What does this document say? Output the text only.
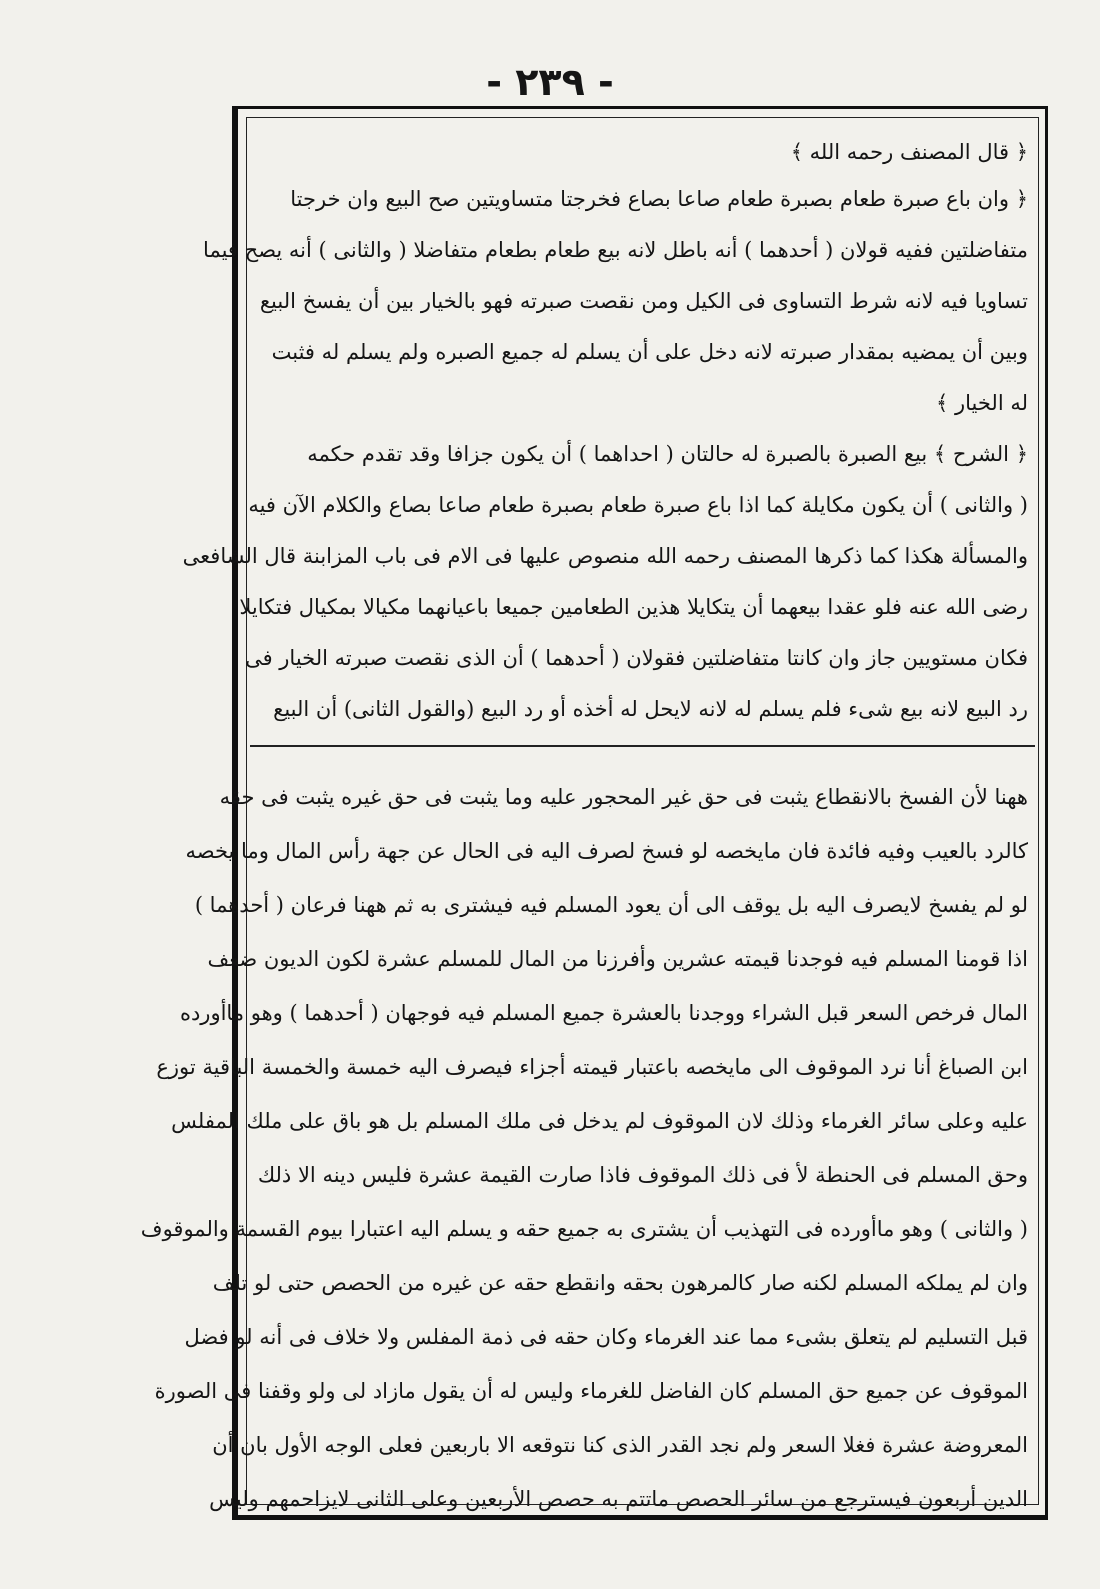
- ٢٣٩ -
﴿ قال المصنف رحمه الله ﴾
﴿ وان باع صبرة طعام بصبرة طعام صاعا بصاع فخرجتا متساويتين صح البيع وان خرجتا
متفاضلتين ففيه قولان ( أحدهما ) أنه باطل لانه بيع طعام بطعام متفاضلا ( والثانى ) أنه يصح فيما
تساويا فيه لانه شرط التساوى فى الكيل ومن نقصت صبرته فهو بالخيار بين أن يفسخ البيع
وبين أن يمضيه بمقدار صبرته لانه دخل على أن يسلم له جميع الصبره ولم يسلم له فثبت
له الخيار ﴾
﴿ الشرح ﴾ بيع الصبرة بالصبرة له حالتان ( احداهما ) أن يكون جزافا وقد تقدم حكمه
( والثانى ) أن يكون مكايلة كما اذا باع صبرة طعام بصبرة طعام صاعا بصاع والكلام الآن فيه
والمسألة هكذا كما ذكرها المصنف رحمه الله منصوص عليها فى الام فى باب المزابنة قال الشافعى
رضى الله عنه فلو عقدا بيعهما أن يتكايلا هذين الطعامين جميعا باعيانهما مكيالا بمكيال فتكايلا
فكان مستويين جاز وان كانتا متفاضلتين فقولان ( أحدهما ) أن الذى نقصت صبرته الخيار فى
رد البيع لانه بيع شىء فلم يسلم له لانه لايحل له أخذه أو رد البيع (والقول الثانى) أن البيع
ههنا لأن الفسخ بالانقطاع يثبت فى حق غير المحجور عليه وما يثبت فى حق غيره يثبت فى حقه
كالرد بالعيب وفيه فائدة فان مايخصه لو فسخ لصرف اليه فى الحال عن جهة رأس المال وما يخصه
لو لم يفسخ لايصرف اليه بل يوقف الى أن يعود المسلم فيه فيشترى به ثم ههنا فرعان ( أحدهما )
اذا قومنا المسلم فيه فوجدنا قيمته عشرين وأفرزنا من المال للمسلم عشرة لكون الديون ضعف
المال فرخص السعر قبل الشراء ووجدنا بالعشرة جميع المسلم فيه فوجهان ( أحدهما ) وهو ماأورده
ابن الصباغ أنا نرد الموقوف الى مايخصه باعتبار قيمته أجزاء فيصرف اليه خمسة والخمسة الباقية توزع
عليه وعلى سائر الغرماء وذلك لان الموقوف لم يدخل فى ملك المسلم بل هو باق على ملك المفلس
وحق المسلم فى الحنطة لأ فى ذلك الموقوف فاذا صارت القيمة عشرة فليس دينه الا ذلك
( والثانى ) وهو ماأورده فى التهذيب أن يشترى به جميع حقه و يسلم اليه اعتبارا بيوم القسمة والموقوف
وان لم يملكه المسلم لكنه صار كالمرهون بحقه وانقطع حقه عن غيره من الحصص حتى لو تلف
قبل التسليم لم يتعلق بشىء مما عند الغرماء وكان حقه فى ذمة المفلس ولا خلاف فى أنه لو فضل
الموقوف عن جميع حق المسلم كان الفاضل للغرماء وليس له أن يقول مازاد لى ولو وقفنا فى الصورة
المعروضة عشرة فغلا السعر ولم نجد القدر الذى كنا نتوقعه الا باربعين فعلى الوجه الأول بان أن
الدين أربعون فيسترجع من سائر الحصص ماتتم به حصص الأربعين وعلى الثانى لايزاحمهم وليس
